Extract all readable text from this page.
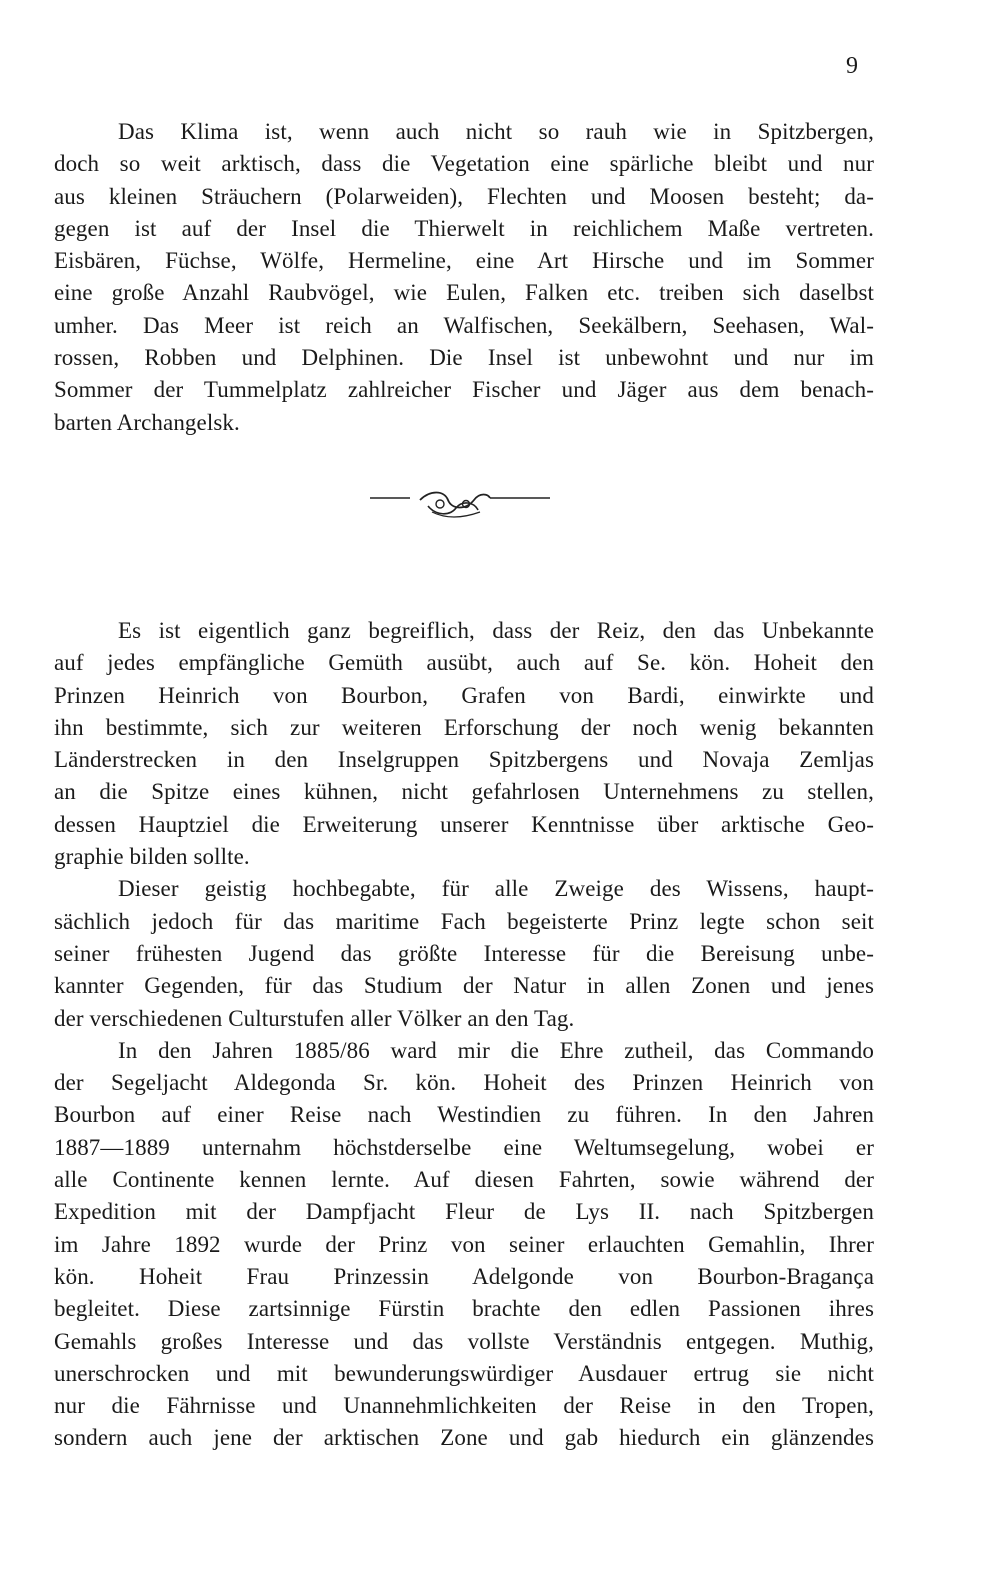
9
Das Klima ist, wenn auch nicht so rauh wie in Spitzbergen,
doch so weit arktisch, dass die Vegetation eine spärliche bleibt und nur
aus kleinen Sträuchern (Polarweiden), Flechten und Moosen besteht; da-
gegen ist auf der Insel die Thierwelt in reichlichem Maße vertreten.
Eisbären, Füchse, Wölfe, Hermeline, eine Art Hirsche und im Sommer
eine große Anzahl Raubvögel, wie Eulen, Falken etc. treiben sich daselbst
umher. Das Meer ist reich an Walfischen, Seekälbern, Seehasen, Wal-
rossen, Robben und Delphinen. Die Insel ist unbewohnt und nur im
Sommer der Tummelplatz zahlreicher Fischer und Jäger aus dem benach-
barten Archangelsk.
Es ist eigentlich ganz begreiflich, dass der Reiz, den das Unbekannte
auf jedes empfängliche Gemüth ausübt, auch auf Se. kön. Hoheit den
Prinzen Heinrich von Bourbon, Grafen von Bardi, einwirkte und
ihn bestimmte, sich zur weiteren Erforschung der noch wenig bekannten
Länderstrecken in den Inselgruppen Spitzbergens und Novaja Zemljas
an die Spitze eines kühnen, nicht gefahrlosen Unternehmens zu stellen,
dessen Hauptziel die Erweiterung unserer Kenntnisse über arktische Geo-
graphie bilden sollte.
Dieser geistig hochbegabte, für alle Zweige des Wissens, haupt-
sächlich jedoch für das maritime Fach begeisterte Prinz legte schon seit
seiner frühesten Jugend das größte Interesse für die Bereisung unbe-
kannter Gegenden, für das Studium der Natur in allen Zonen und jenes
der verschiedenen Culturstufen aller Völker an den Tag.
In den Jahren 1885/86 ward mir die Ehre zutheil, das Commando
der Segeljacht Aldegonda Sr. kön. Hoheit des Prinzen Heinrich von
Bourbon auf einer Reise nach Westindien zu führen. In den Jahren
1887—1889 unternahm höchstderselbe eine Weltumsegelung, wobei er
alle Continente kennen lernte. Auf diesen Fahrten, sowie während der
Expedition mit der Dampfjacht Fleur de Lys II. nach Spitzbergen
im Jahre 1892 wurde der Prinz von seiner erlauchten Gemahlin, Ihrer
kön. Hoheit Frau Prinzessin Adelgonde von Bourbon-Braganҫa
begleitet. Diese zartsinnige Fürstin brachte den edlen Passionen ihres
Gemahls großes Interesse und das vollste Verständnis entgegen. Muthig,
unerschrocken und mit bewunderungswürdiger Ausdauer ertrug sie nicht
nur die Fährnisse und Unannehmlichkeiten der Reise in den Tropen,
sondern auch jene der arktischen Zone und gab hiedurch ein glänzendes
